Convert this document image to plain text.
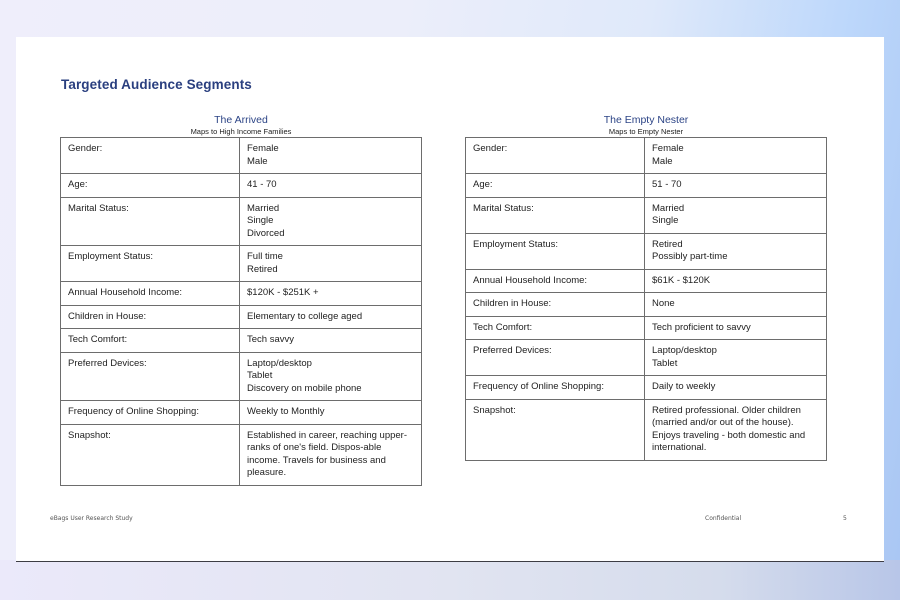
Targeted Audience Segments
The Arrived
Maps to High Income Families
Gender:	Female
Male

Age:	41 - 70

Marital Status:	Married
Single
Divorced

Employment Status:	Full time
Retired

Annual Household Income:	$120K - $251K +

Children in House:	Elementary to college aged

Tech Comfort:	Tech savvy

Preferred Devices:	Laptop/desktop
Tablet
Discovery on mobile phone

Frequency of Online Shopping:	Weekly to Monthly

Snapshot:	Established in career, reaching upper-ranks of one's field. Dispos-able income. Travels for business and pleasure.
The Empty Nester
Maps to Empty Nester
Gender:	Female
Male

Age:	51 - 70

Marital Status:	Married
Single

Employment Status:	Retired
Possibly part-time

Annual Household Income:	$61K - $120K

Children in House:	None

Tech Comfort:	Tech proficient to savvy

Preferred Devices:	Laptop/desktop
Tablet

Frequency of Online Shopping:	Daily to weekly

Snapshot:	Retired professional. Older children (married and/or out of the house). Enjoys traveling - both domestic and international.
eBags User Research Study	Confidential	5
